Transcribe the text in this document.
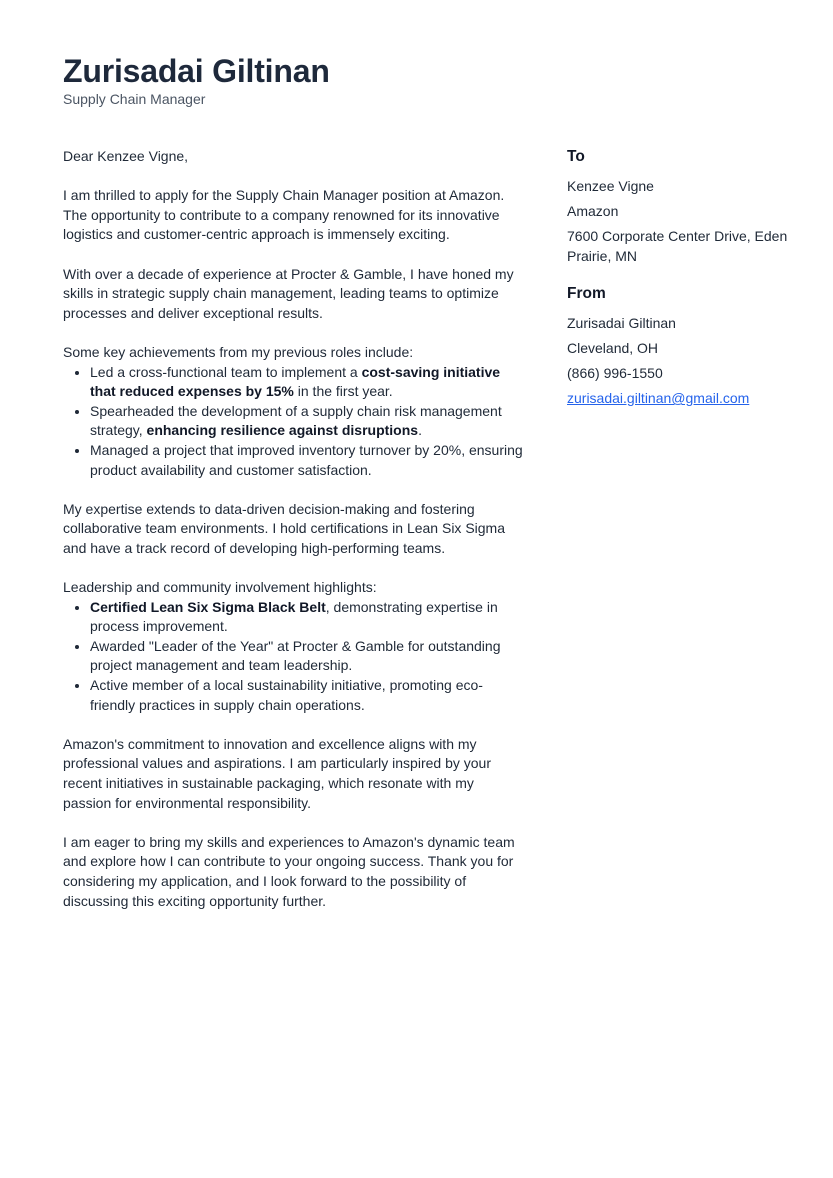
Zurisadai Giltinan
Supply Chain Manager

Dear Kenzee Vigne,

I am thrilled to apply for the Supply Chain Manager position at Amazon. The opportunity to contribute to a company renowned for its innovative logistics and customer-centric approach is immensely exciting.

With over a decade of experience at Procter & Gamble, I have honed my skills in strategic supply chain management, leading teams to optimize processes and deliver exceptional results.

Some key achievements from my previous roles include:

• Led a cross-functional team to implement a cost-saving initiative that reduced expenses by 15% in the first year.
• Spearheaded the development of a supply chain risk management strategy, enhancing resilience against disruptions.
• Managed a project that improved inventory turnover by 20%, ensuring product availability and customer satisfaction.

My expertise extends to data-driven decision-making and fostering collaborative team environments. I hold certifications in Lean Six Sigma and have a track record of developing high-performing teams.

Leadership and community involvement highlights:

• Certified Lean Six Sigma Black Belt, demonstrating expertise in process improvement.
• Awarded "Leader of the Year" at Procter & Gamble for outstanding project management and team leadership.
• Active member of a local sustainability initiative, promoting eco-friendly practices in supply chain operations.

Amazon's commitment to innovation and excellence aligns with my professional values and aspirations. I am particularly inspired by your recent initiatives in sustainable packaging, which resonate with my passion for environmental responsibility.

I am eager to bring my skills and experiences to Amazon's dynamic team and explore how I can contribute to your ongoing success. Thank you for considering my application, and I look forward to the possibility of discussing this exciting opportunity further.

To
Kenzee Vigne
Amazon
7600 Corporate Center Drive, Eden Prairie, MN
From
Zurisadai Giltinan
Cleveland, OH
(866) 996-1550
zurisadai.giltinan@gmail.com
